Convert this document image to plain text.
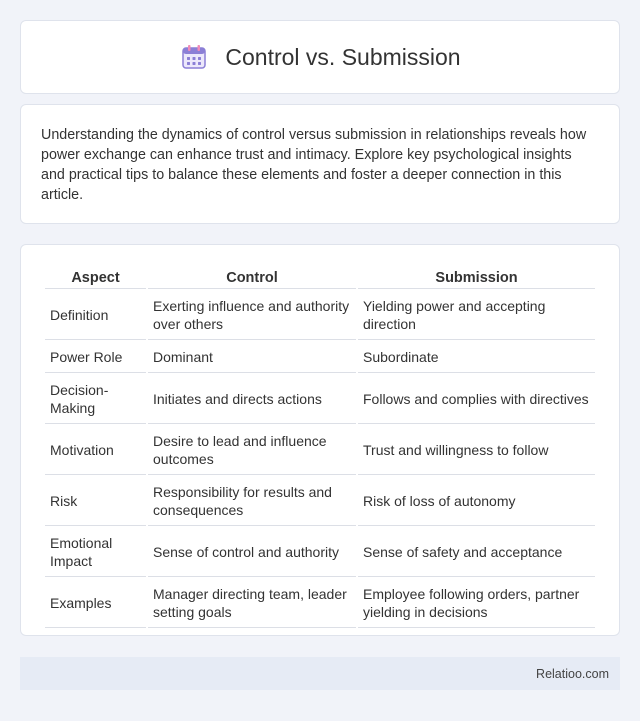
Control vs. Submission

Understanding the dynamics of control versus submission in relationships reveals how power exchange can enhance trust and intimacy. Explore key psychological insights and practical tips to balance these elements and foster a deeper connection in this article.

Aspect	Control	Submission
Definition	Exerting influence and authority over others	Yielding power and accepting direction
Power Role	Dominant	Subordinate
Decision-Making	Initiates and directs actions	Follows and complies with directives
Motivation	Desire to lead and influence outcomes	Trust and willingness to follow
Risk	Responsibility for results and consequences	Risk of loss of autonomy
Emotional Impact	Sense of control and authority	Sense of safety and acceptance
Examples	Manager directing team, leader setting goals	Employee following orders, partner yielding in decisions
Relatioo.com
